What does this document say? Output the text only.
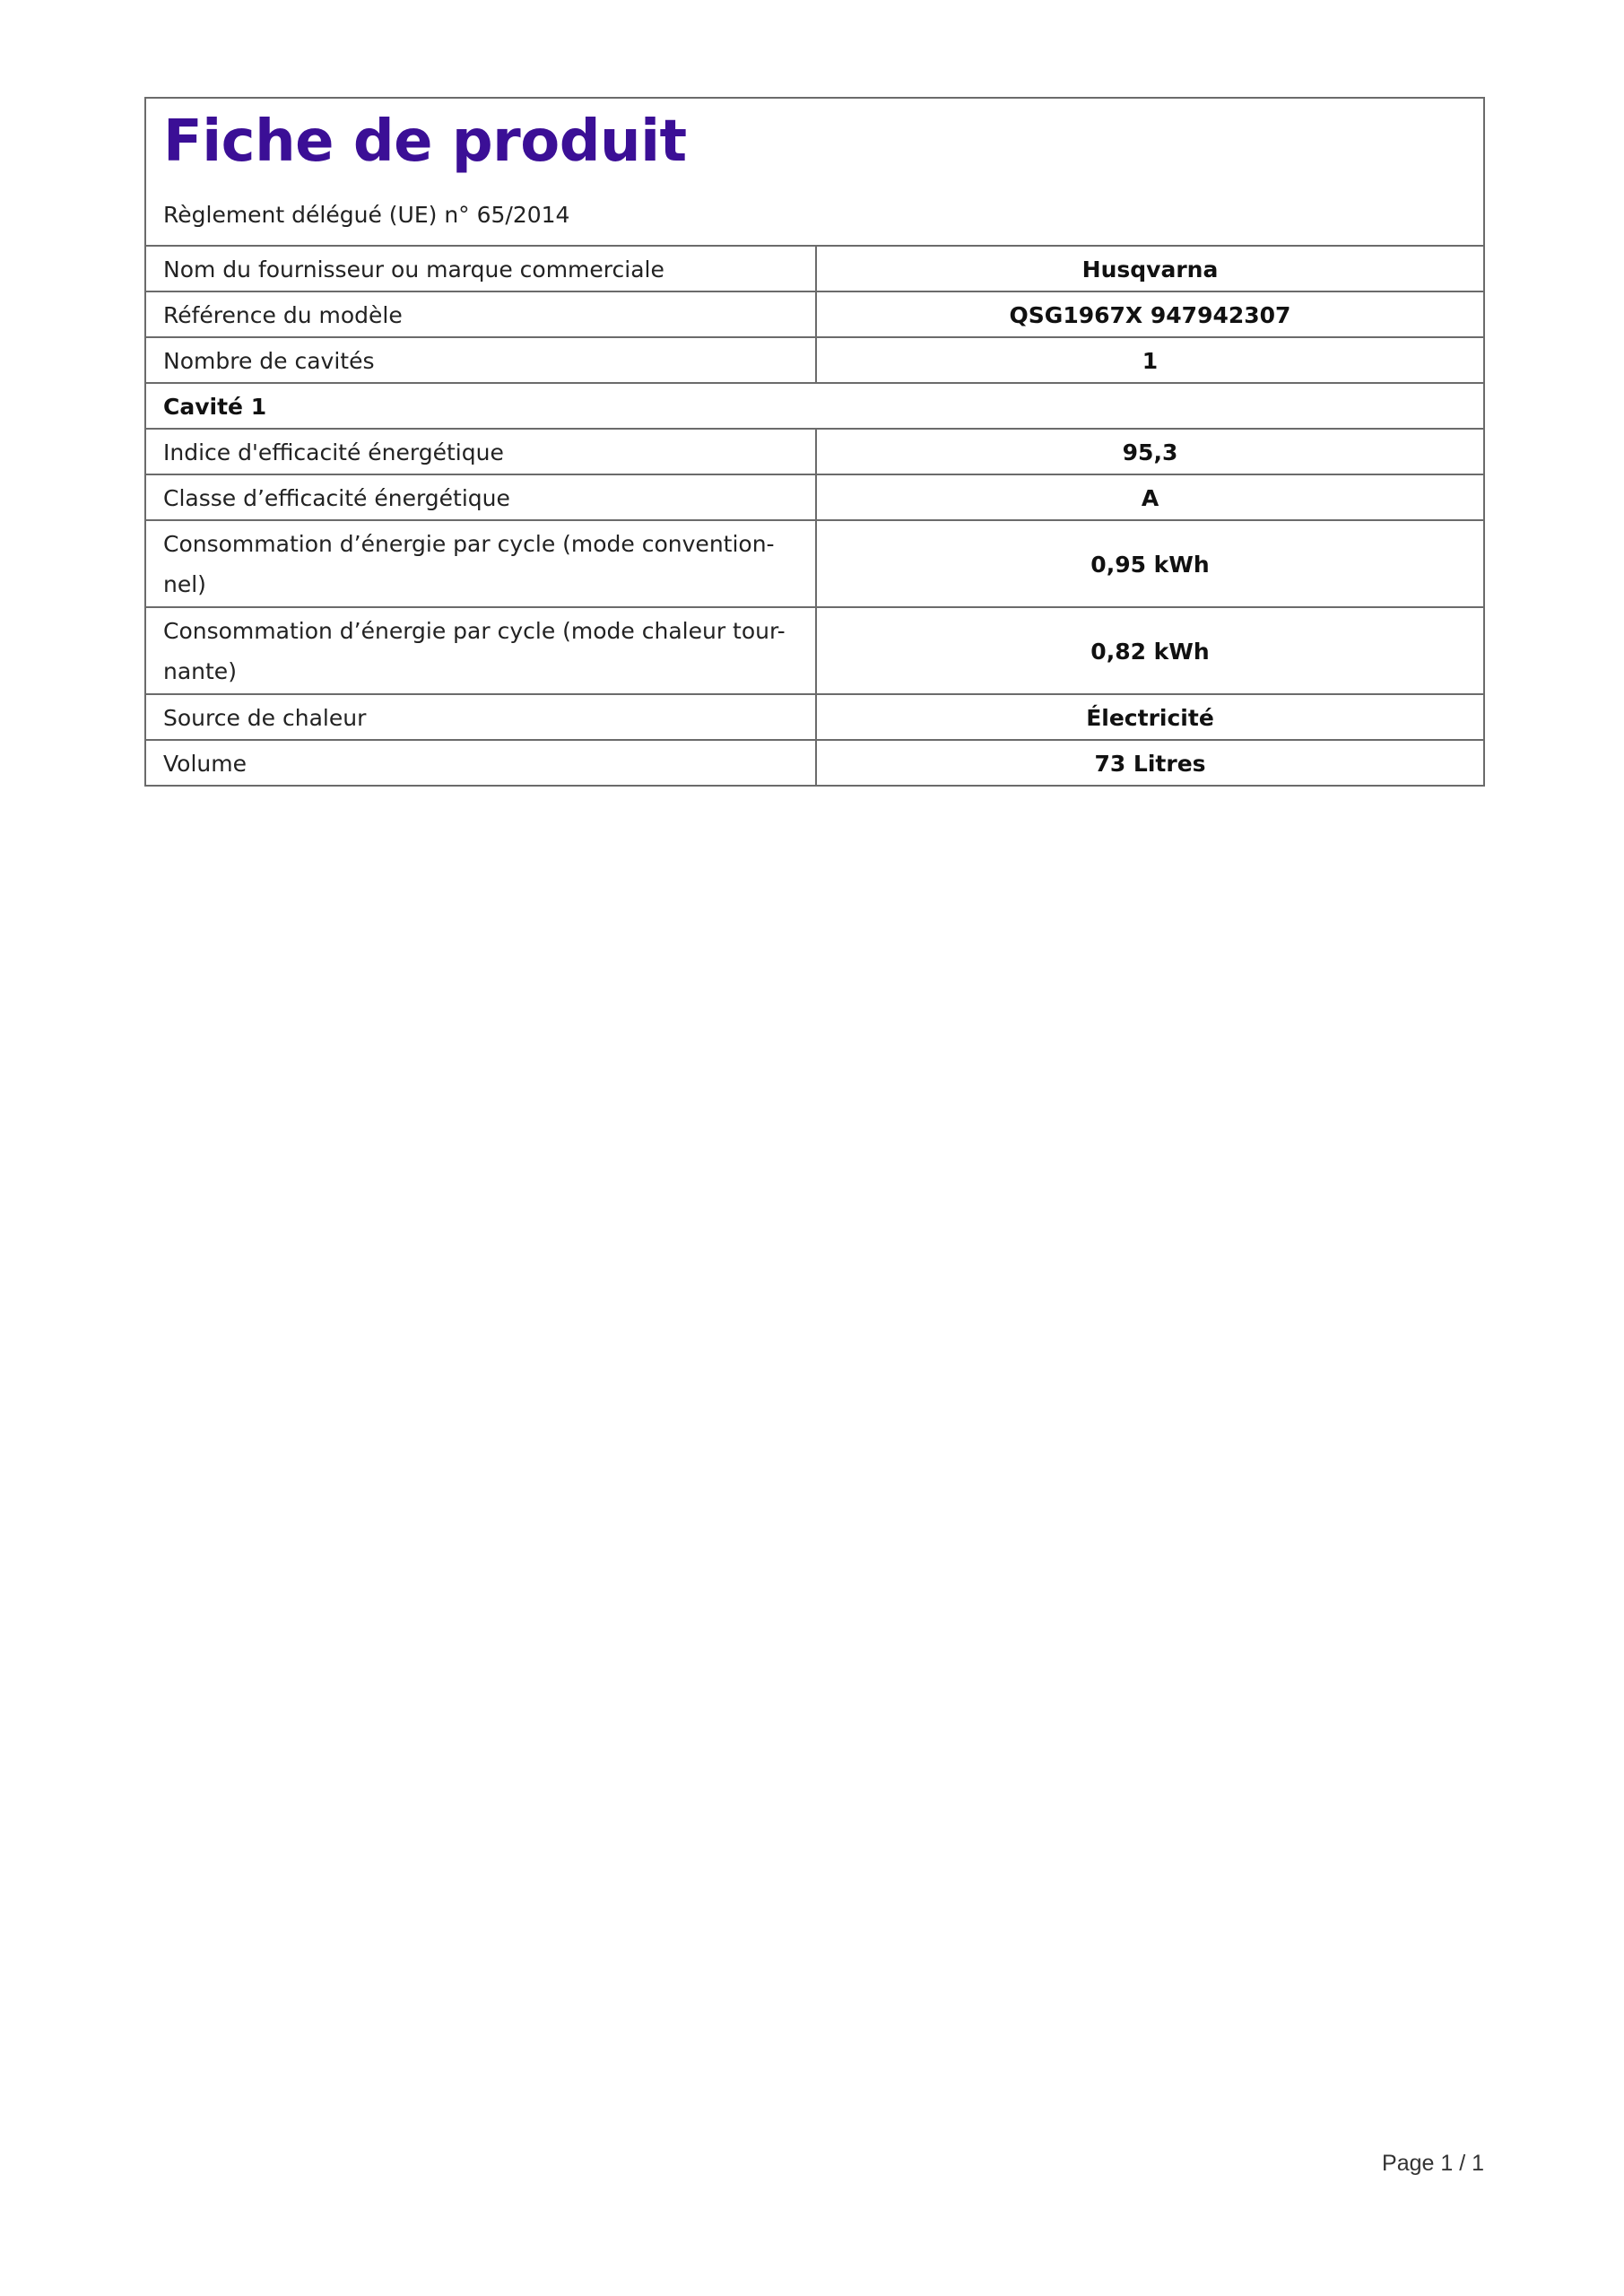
Fiche de produit
Règlement délégué (UE) n° 65/2014
Nom du fournisseur ou marque commerciale	Husqvarna
Référence du modèle	QSG1967X 947942307
Nombre de cavités	1
Cavité 1	
Indice d'efficacité énergétique	95,3
Classe d’efficacité énergétique	A
Consommation d’énergie par cycle (mode convention-
nel)	0,95 kWh
Consommation d’énergie par cycle (mode chaleur tour-
nante)	0,82 kWh
Source de chaleur	Électricité
Volume	73 Litres
Page 1 / 1
